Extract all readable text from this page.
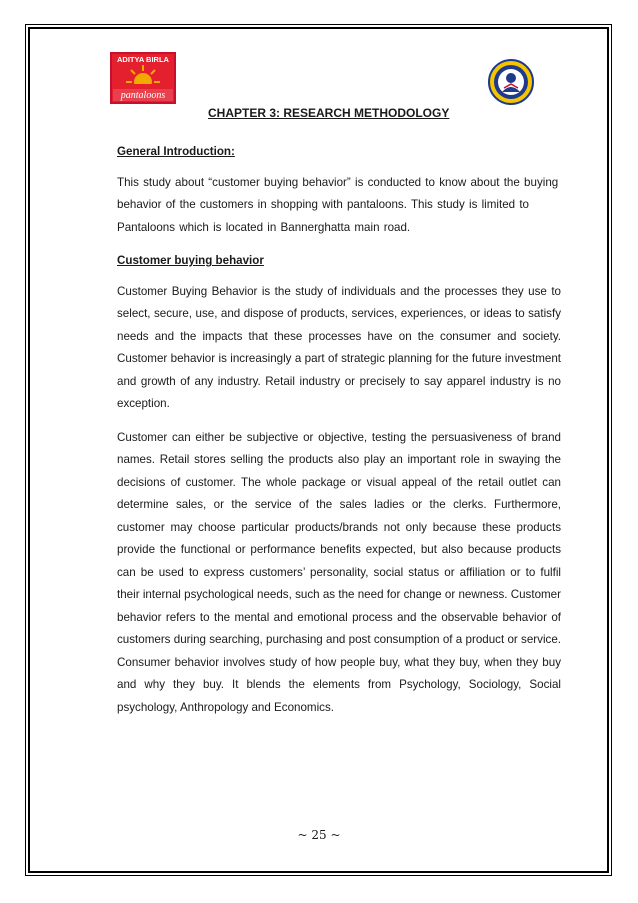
ADITYA BIRLA
pantaloons
CHAPTER 3: RESEARCH METHODOLOGY

General Introduction:

This study about “customer buying behavior” is conducted to know about the buying behavior of the customers in shopping with pantaloons. This study is limited to Pantaloons which is located in Bannerghatta main road.

Customer buying behavior

Customer Buying Behavior is the study of individuals and the processes they use to select, secure, use, and dispose of products, services, experiences, or ideas to satisfy needs and the impacts that these processes have on the consumer and society. Customer behavior is increasingly a part of strategic planning for the future investment and growth of any industry. Retail industry or precisely to say apparel industry is no exception.

Customer can either be subjective or objective, testing the persuasiveness of brand names. Retail stores selling the products also play an important role in swaying the decisions of customer. The whole package or visual appeal of the retail outlet can determine sales, or the service of the sales ladies or the clerks. Furthermore, customer may choose particular products/brands not only because these products provide the functional or performance benefits expected, but also because products can be used to express customers’ personality, social status or affiliation or to fulfil their internal psychological needs, such as the need for change or newness. Customer behavior refers to the mental and emotional process and the observable behavior of customers during searching, purchasing and post consumption of a product or service. Consumer behavior involves study of how people buy, what they buy, when they buy and why they buy. It blends the elements from Psychology, Sociology, Social psychology, Anthropology and Economics.

~ 25 ~
